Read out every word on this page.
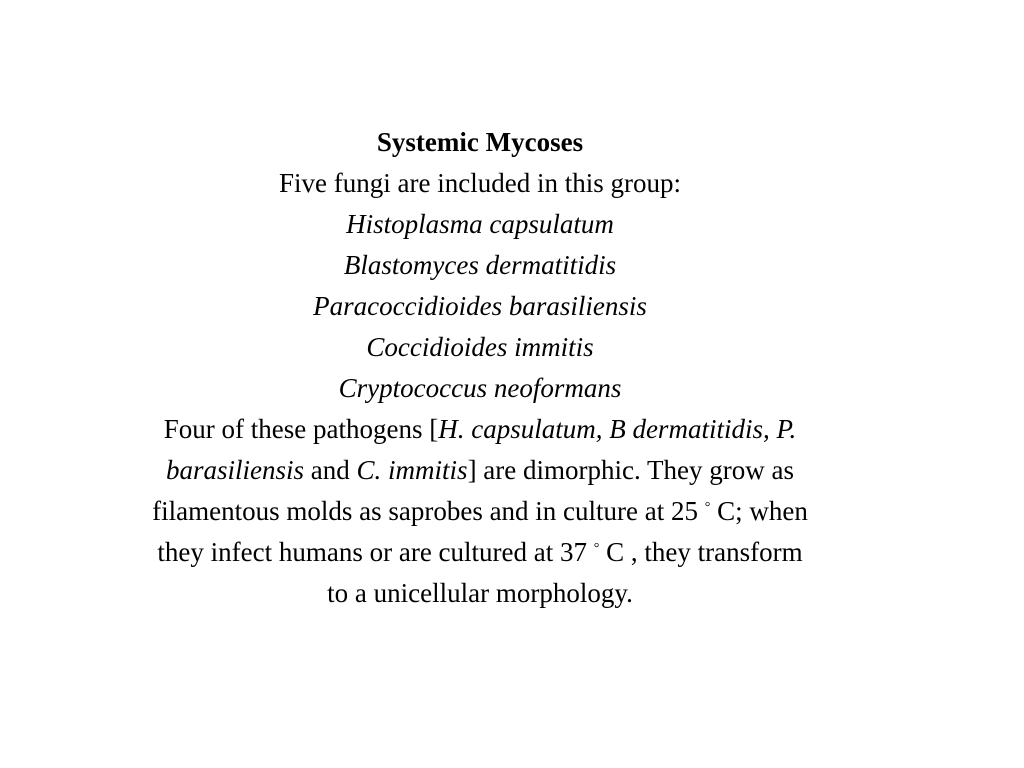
Systemic Mycoses
Five fungi are included in this group:
Histoplasma capsulatum
Blastomyces dermatitidis
Paracoccidioides barasiliensis
Coccidioides immitis
Cryptococcus neoformans
Four of these pathogens [H. capsulatum, B dermatitidis, P.
barasiliensis and C. immitis] are dimorphic. They grow as
filamentous molds as saprobes and in culture at 25 ° C; when
they infect humans or are cultured at 37 ° C , they transform
to a unicellular morphology.
